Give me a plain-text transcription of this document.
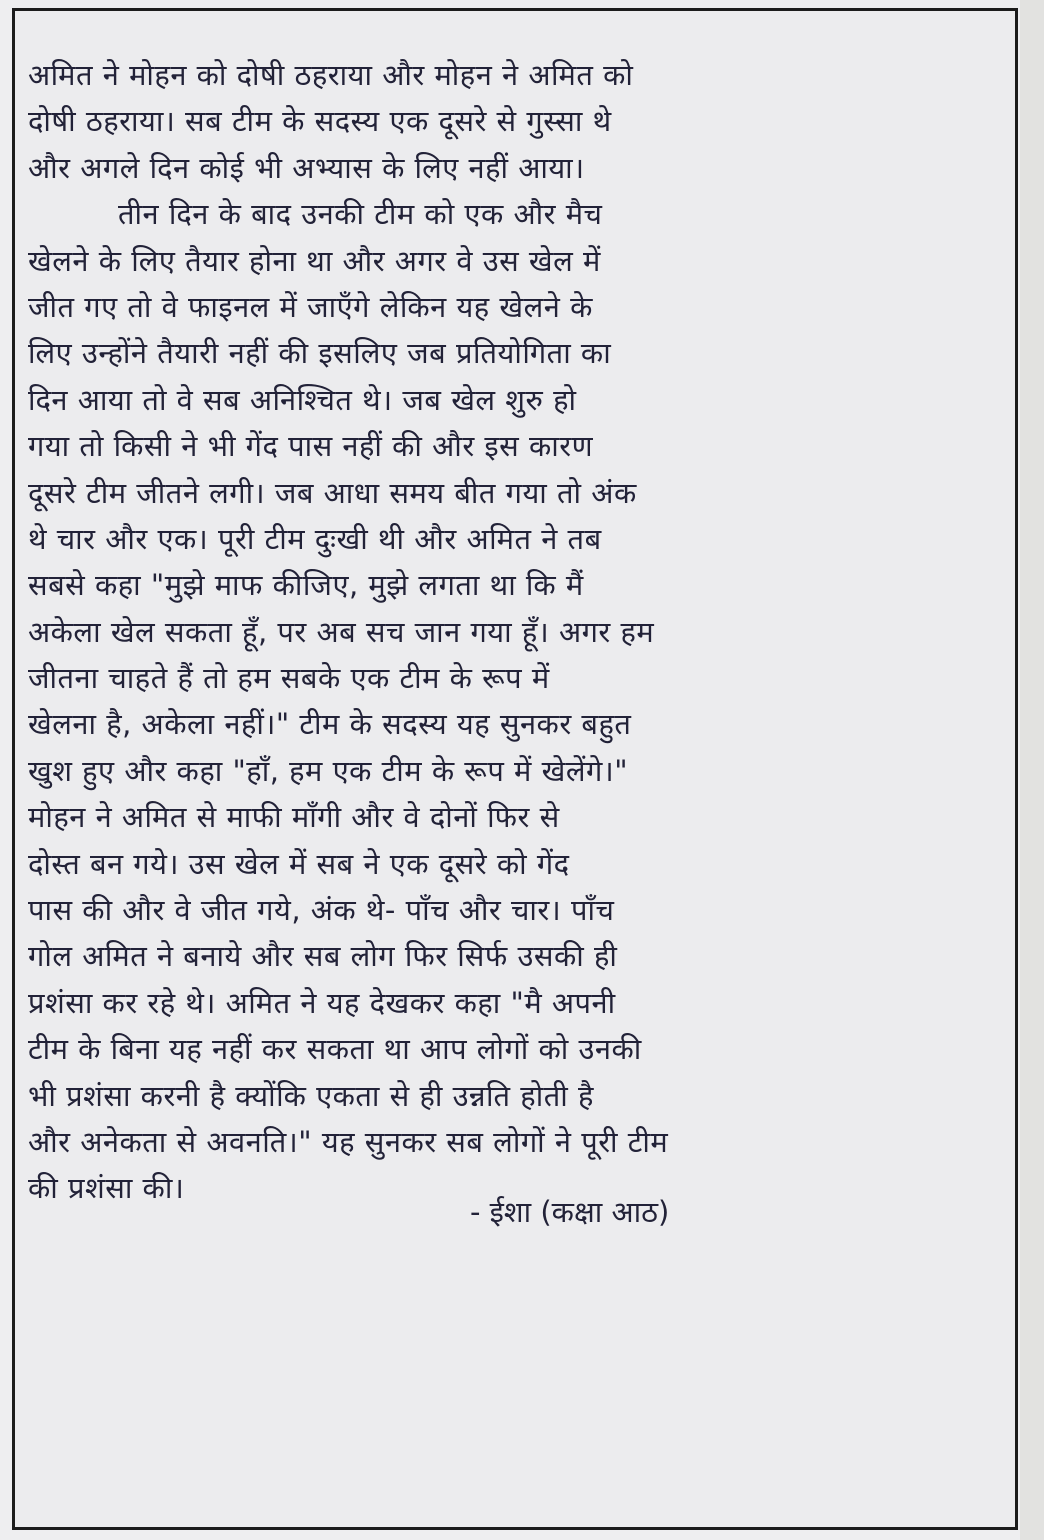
अमित ने मोहन को दोषी ठहराया और मोहन ने अमित को
दोषी ठहराया। सब टीम के सदस्य एक दूसरे से गुस्सा थे
और अगले दिन कोई भी अभ्यास के लिए नहीं आया।
तीन दिन के बाद उनकी टीम को एक और मैच
खेलने के लिए तैयार होना था और अगर वे उस खेल में
जीत गए तो वे फाइनल में जाएँगे लेकिन यह खेलने के
लिए उन्होंने तैयारी नहीं की इसलिए जब प्रतियोगिता का
दिन आया तो वे सब अनिश्चित थे। जब खेल शुरु हो
गया तो किसी ने भी गेंद पास नहीं की और इस कारण
दूसरे टीम जीतने लगी। जब आधा समय बीत गया तो अंक
थे चार और एक। पूरी टीम दुःखी थी और अमित ने तब
सबसे कहा "मुझे माफ कीजिए, मुझे लगता था कि मैं
अकेला खेल सकता हूँ, पर अब सच जान गया हूँ। अगर हम
जीतना चाहते हैं तो हम सबके एक टीम के रूप में
खेलना है, अकेला नहीं।" टीम के सदस्य यह सुनकर बहुत
खुश हुए और कहा "हाँ, हम एक टीम के रूप में खेलेंगे।"
मोहन ने अमित से माफी माँगी और वे दोनों फिर से
दोस्त बन गये। उस खेल में सब ने एक दूसरे को गेंद
पास की और वे जीत गये, अंक थे- पाँच और चार। पाँच
गोल अमित ने बनाये और सब लोग फिर सिर्फ उसकी ही
प्रशंसा कर रहे थे। अमित ने यह देखकर कहा "मै अपनी
टीम के बिना यह नहीं कर सकता था आप लोगों को उनकी
भी प्रशंसा करनी है क्योंकि एकता से ही उन्नति होती है
और अनेकता से अवनति।" यह सुनकर सब लोगों ने पूरी टीम
की प्रशंसा की।
- ईशा (कक्षा आठ)
